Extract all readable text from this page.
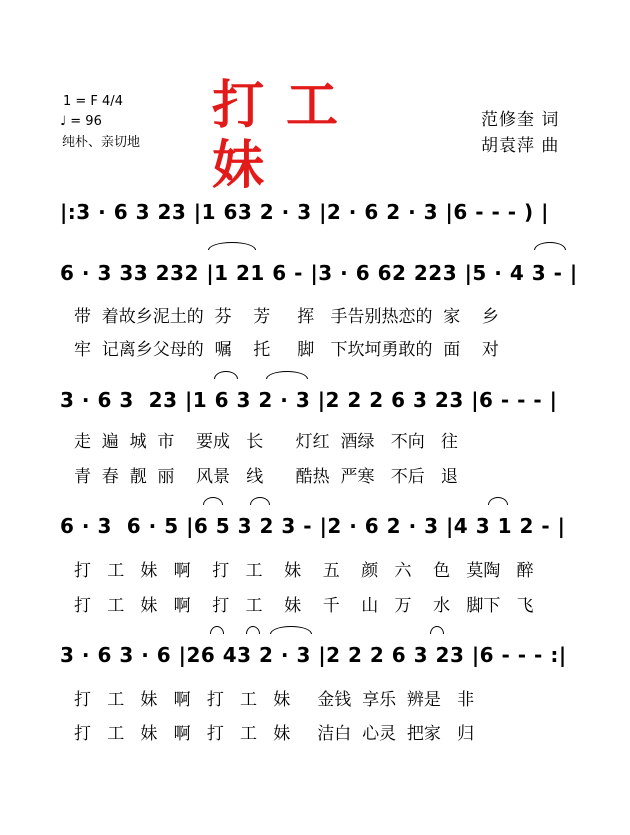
1 = F 4/4
♩ = 96
纯朴、亲切地
打工妹
范修奎 词
胡袁萍 曲
|:3 · 6 3 23 |1 63 2 · 3 |2 · 6 2 · 3 |6 - - - ) |
6 · 3 33 232 |1 21 6 - |3 · 6 62 223 |5 · 4 3 - |
带  着故乡泥土的  芬    芳     挥   手告别热恋的  家    乡
牢  记离乡父母的  嘱    托     脚   下坎坷勇敢的  面    对
3 · 6 3  23 |1 6 3 2 · 3 |2 2 2 6 3 23 |6 - - - |
走  遍  城  市    要成   长      灯红  酒绿   不向   往
青  春  靓  丽    风景   线      酷热  严寒   不后   退
6 · 3  6 · 5 |6 5 3 2 3 - |2 · 6 2 · 3 |4 3 1 2 - |
打   工   妹   啊    打   工    妹    五    颜   六    色   莫陶   醉
打   工   妹   啊    打   工    妹    千    山   万    水   脚下   飞
3 · 6 3 · 6 |26 43 2 · 3 |2 2 2 6 3 23 |6 - - - :|
打   工   妹   啊   打   工   妹     金钱  享乐  辨是   非
打   工   妹   啊   打   工   妹     洁白  心灵  把家   归
